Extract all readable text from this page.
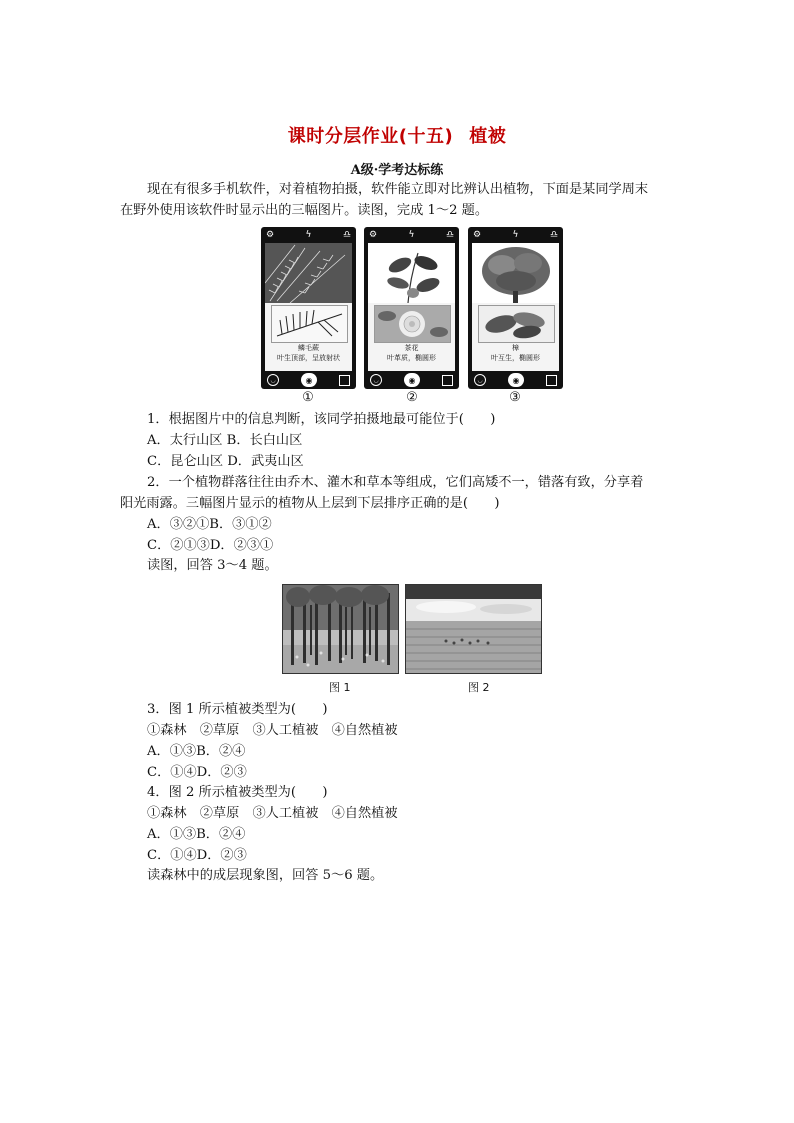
课时分层作业(十五) 植被
A级·学考达标练
现在有很多手机软件，对着植物拍摄，软件能立即对比辨认出植物，下面是某同学周末
在野外使用该软件时显示出的三幅图片。读图，完成 1～2 题。
⚙	ϟ	♎
鳞毛蕨
叶生顶部，呈放射状
◡	◉
⚙	ϟ	♎
茶花
叶革质，椭圆形
◡	◉
⚙	ϟ	♎
樟
叶互生，椭圆形
◡	◉
①	②	③
1．根据图片中的信息判断，该同学拍摄地最可能位于(　　)
A．太行山区 B．长白山区
C．昆仑山区 D．武夷山区
2．一个植物群落往往由乔木、灌木和草本等组成，它们高矮不一，错落有致，分享着
阳光雨露。三幅图片显示的植物从上层到下层排序正确的是(　　)
A．③②①B．③①②
C．②①③D．②③①
读图，回答 3～4 题。
图 1	图 2
3．图 1 所示植被类型为(　　)
①森林　②草原　③人工植被　④自然植被
A．①③B．②④
C．①④D．②③
4．图 2 所示植被类型为(　　)
①森林　②草原　③人工植被　④自然植被
A．①③B．②④
C．①④D．②③
读森林中的成层现象图，回答 5～6 题。
